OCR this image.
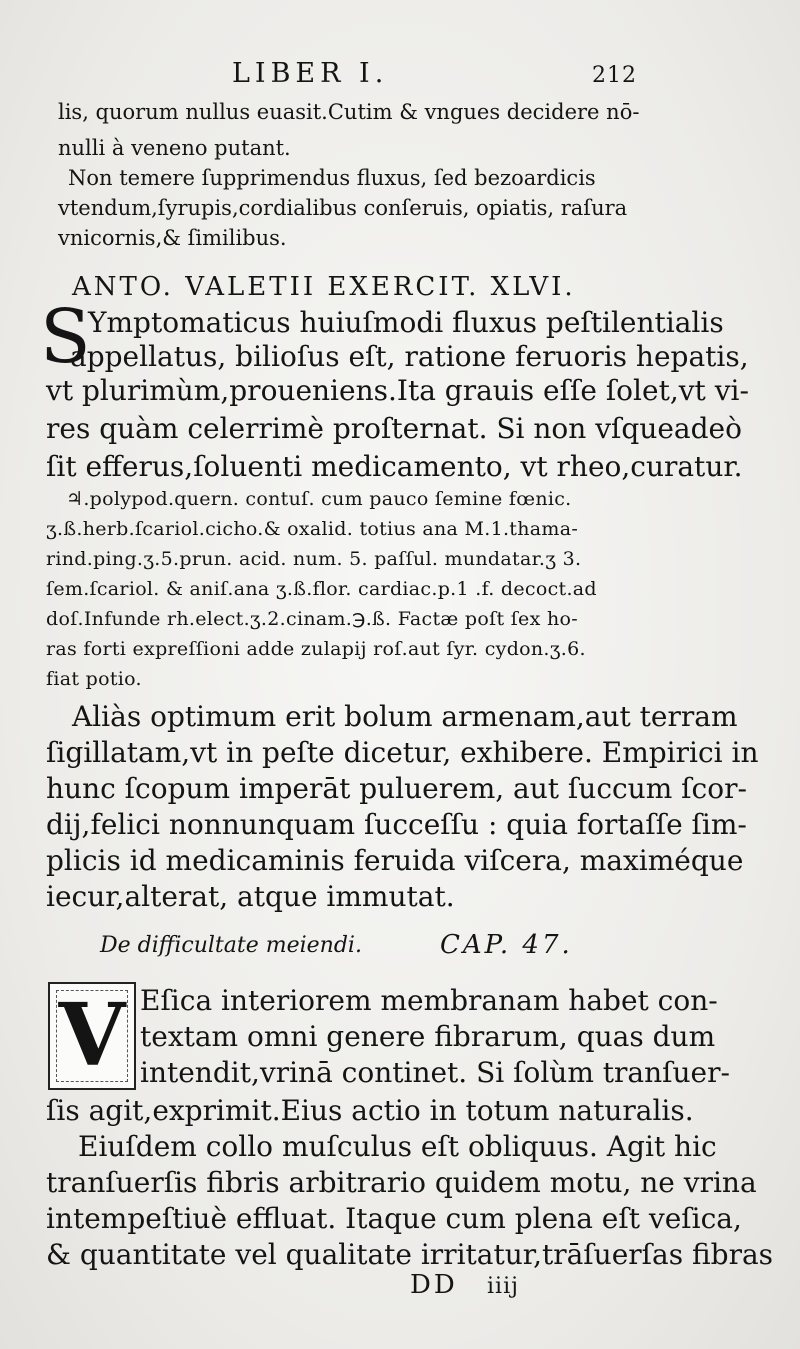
LIBER I.	212
lis, quorum nullus euasit.Cutim & vngues decidere nō-
nulli à veneno putant.
Non temere ſupprimendus fluxus, ſed bezoardicis
vtendum,ſyrupis,cordialibus conſeruis, opiatis, raſura
vnicornis,& ſimilibus.
ANTO. VALETII EXERCIT. XLVI.
S
Ymptomaticus huiuſmodi fluxus peſtilentialis
appellatus, bilioſus eſt, ratione feruoris hepatis,
vt plurimùm,proueniens.Ita grauis eſſe ſolet,vt vi-
res quàm celerrimè proſternat. Si non vſqueadeò
ſit efferus,ſoluenti medicamento, vt rheo,curatur.
♃.polypod.quern. contuſ. cum pauco ſemine fœnic.
ʒ.ß.herb.ſcariol.cicho.& oxalid. totius ana M.1.thama-
rind.ping.ʒ.5.prun. acid. num. 5. paſſul. mundatar.ʒ 3.
ſem.ſcariol. & aniſ.ana ʒ.ß.flor. cardiac.p.1 .f. decoct.ad
doſ.Infunde rh.elect.ʒ.2.cinam.℈.ß. Factæ poſt ſex ho-
ras forti expreſſioni adde zulapij roſ.aut ſyr. cydon.ʒ.6.
fiat potio.
Aliàs optimum erit bolum armenam,aut terram
ſigillatam,vt in peſte dicetur, exhibere. Empirici in
hunc ſcopum imperāt puluerem, aut ſuccum ſcor-
dij,felici nonnunquam ſucceſſu : quia fortaſſe ſim-
plicis id medicaminis feruida viſcera, maximéque
iecur,alterat, atque immutat.
De difficultate meiendi.	CAP. 47.
V Eſica interiorem membranam habet con-
textam omni genere fibrarum, quas dum
intendit,vrinā continet. Si ſolùm tranſuer-
ſis agit,exprimit.Eius actio in totum naturalis.
Eiuſdem collo muſculus eſt obliquus. Agit hic
tranſuerſis fibris arbitrario quidem motu, ne vrina
intempeſtiuè effluat. Itaque cum plena eſt veſica,
& quantitate vel qualitate irritatur,trāſuerſas fibras
DD iiij
